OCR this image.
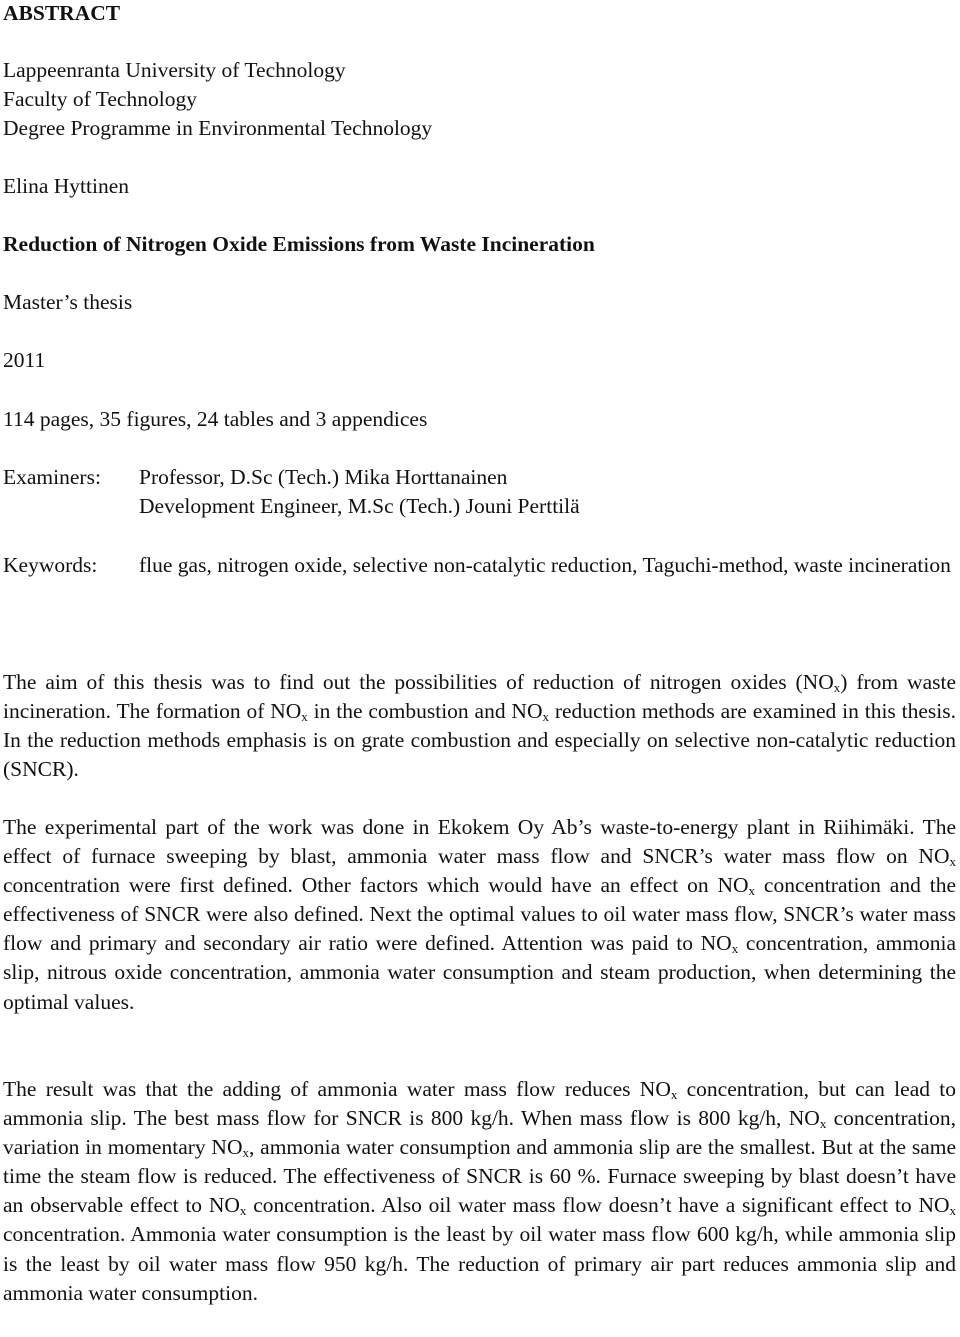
ABSTRACT
Lappeenranta University of Technology
Faculty of Technology
Degree Programme in Environmental Technology
Elina Hyttinen
Reduction of Nitrogen Oxide Emissions from Waste Incineration
Master’s thesis
2011
114 pages, 35 figures, 24 tables and 3 appendices
Examiners: Professor, D.Sc (Tech.) Mika Horttanainen
Development Engineer, M.Sc (Tech.) Jouni Perttilä
Keywords: flue gas, nitrogen oxide, selective non-catalytic reduction, Taguchi-method, waste incineration

The aim of this thesis was to find out the possibilities of reduction of nitrogen oxides $(NO_x)$ from waste incineration. The formation of $NO_x$ in the combustion and $NO_x$ reduction methods are examined in this thesis. In the reduction methods emphasis is on grate combustion and especially on selective non-catalytic reduction (SNCR).

The experimental part of the work was done in Ekokem Oy Ab’s waste-to-energy plant in Riihimäki. The effect of furnace sweeping by blast, ammonia water mass flow and SNCR’s water mass flow on $NO_x$ concentration were first defined. Other factors which would have an effect on $NO_x$ concentration and the effectiveness of SNCR were also defined. Next the optimal values to oil water mass flow, SNCR’s water mass flow and primary and secondary air ratio were defined. Attention was paid to $NO_x$ concentration, ammonia slip, nitrous oxide concentration, ammonia water consumption and steam production, when determining the optimal values.

The result was that the adding of ammonia water mass flow reduces $NO_x$ concentration, but can lead to ammonia slip. The best mass flow for SNCR is 800 kg/h. When mass flow is 800 kg/h, $NO_x$ concentration, variation in momentary $NO_x$, ammonia water consumption and ammonia slip are the smallest. But at the same time the steam flow is reduced. The effectiveness of SNCR is 60 %. Furnace sweeping by blast doesn’t have an observable effect to $NO_x$ concentration. Also oil water mass flow doesn’t have a significant effect to $NO_x$ concentration. Ammonia water consumption is the least by oil water mass flow 600 kg/h, while ammonia slip is the least by oil water mass flow 950 kg/h. The reduction of primary air part reduces ammonia slip and ammonia water consumption.
